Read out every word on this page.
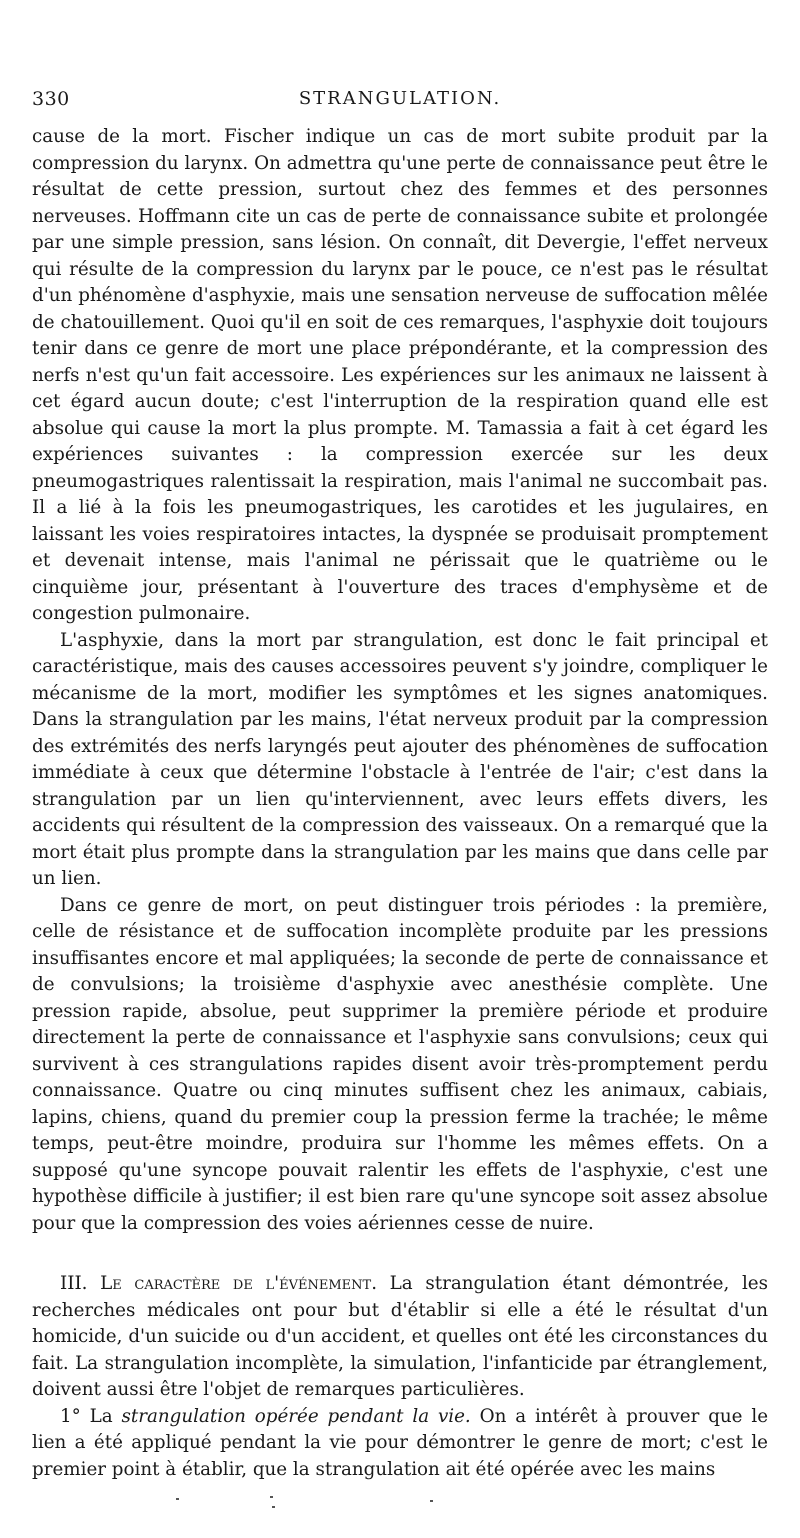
330	STRANGULATION.

cause de la mort. Fischer indique un cas de mort subite produit par la compression du larynx. On admettra qu'une perte de connaissance peut être le résultat de cette pression, surtout chez des femmes et des personnes nerveuses. Hoffmann cite un cas de perte de connaissance subite et prolongée par une simple pression, sans lésion. On connaît, dit Devergie, l'effet nerveux qui résulte de la compression du larynx par le pouce, ce n'est pas le résultat d'un phénomène d'asphyxie, mais une sensation nerveuse de suffocation mêlée de chatouillement. Quoi qu'il en soit de ces remarques, l'asphyxie doit toujours tenir dans ce genre de mort une place prépondérante, et la compression des nerfs n'est qu'un fait accessoire. Les expériences sur les animaux ne laissent à cet égard aucun doute; c'est l'interruption de la respiration quand elle est absolue qui cause la mort la plus prompte. M. Tamassia a fait à cet égard les expériences suivantes : la compression exercée sur les deux pneumogastriques ralentissait la respiration, mais l'animal ne succombait pas. Il a lié à la fois les pneumogastriques, les carotides et les jugulaires, en laissant les voies respiratoires intactes, la dyspnée se produisait promptement et devenait intense, mais l'animal ne périssait que le quatrième ou le cinquième jour, présentant à l'ouverture des traces d'emphysème et de congestion pulmonaire.

L'asphyxie, dans la mort par strangulation, est donc le fait principal et caractéristique, mais des causes accessoires peuvent s'y joindre, compliquer le mécanisme de la mort, modifier les symptômes et les signes anatomiques. Dans la strangulation par les mains, l'état nerveux produit par la compression des extrémités des nerfs laryngés peut ajouter des phénomènes de suffocation immédiate à ceux que détermine l'obstacle à l'entrée de l'air; c'est dans la strangulation par un lien qu'interviennent, avec leurs effets divers, les accidents qui résultent de la compression des vaisseaux. On a remarqué que la mort était plus prompte dans la strangulation par les mains que dans celle par un lien.

Dans ce genre de mort, on peut distinguer trois périodes : la première, celle de résistance et de suffocation incomplète produite par les pressions insuffisantes encore et mal appliquées; la seconde de perte de connaissance et de convulsions; la troisième d'asphyxie avec anesthésie complète. Une pression rapide, absolue, peut supprimer la première période et produire directement la perte de connaissance et l'asphyxie sans convulsions; ceux qui survivent à ces strangulations rapides disent avoir très-promptement perdu connaissance. Quatre ou cinq minutes suffisent chez les animaux, cabiais, lapins, chiens, quand du premier coup la pression ferme la trachée; le même temps, peut-être moindre, produira sur l'homme les mêmes effets. On a supposé qu'une syncope pouvait ralentir les effets de l'asphyxie, c'est une hypothèse difficile à justifier; il est bien rare qu'une syncope soit assez absolue pour que la compression des voies aériennes cesse de nuire.

III. Le caractère de l'événement. La strangulation étant démontrée, les recherches médicales ont pour but d'établir si elle a été le résultat d'un homicide, d'un suicide ou d'un accident, et quelles ont été les circonstances du fait. La strangulation incomplète, la simulation, l'infanticide par étranglement, doivent aussi être l'objet de remarques particulières.

1° La strangulation opérée pendant la vie. On a intérêt à prouver que le lien a été appliqué pendant la vie pour démontrer le genre de mort; c'est le premier point à établir, que la strangulation ait été opérée avec les mains
